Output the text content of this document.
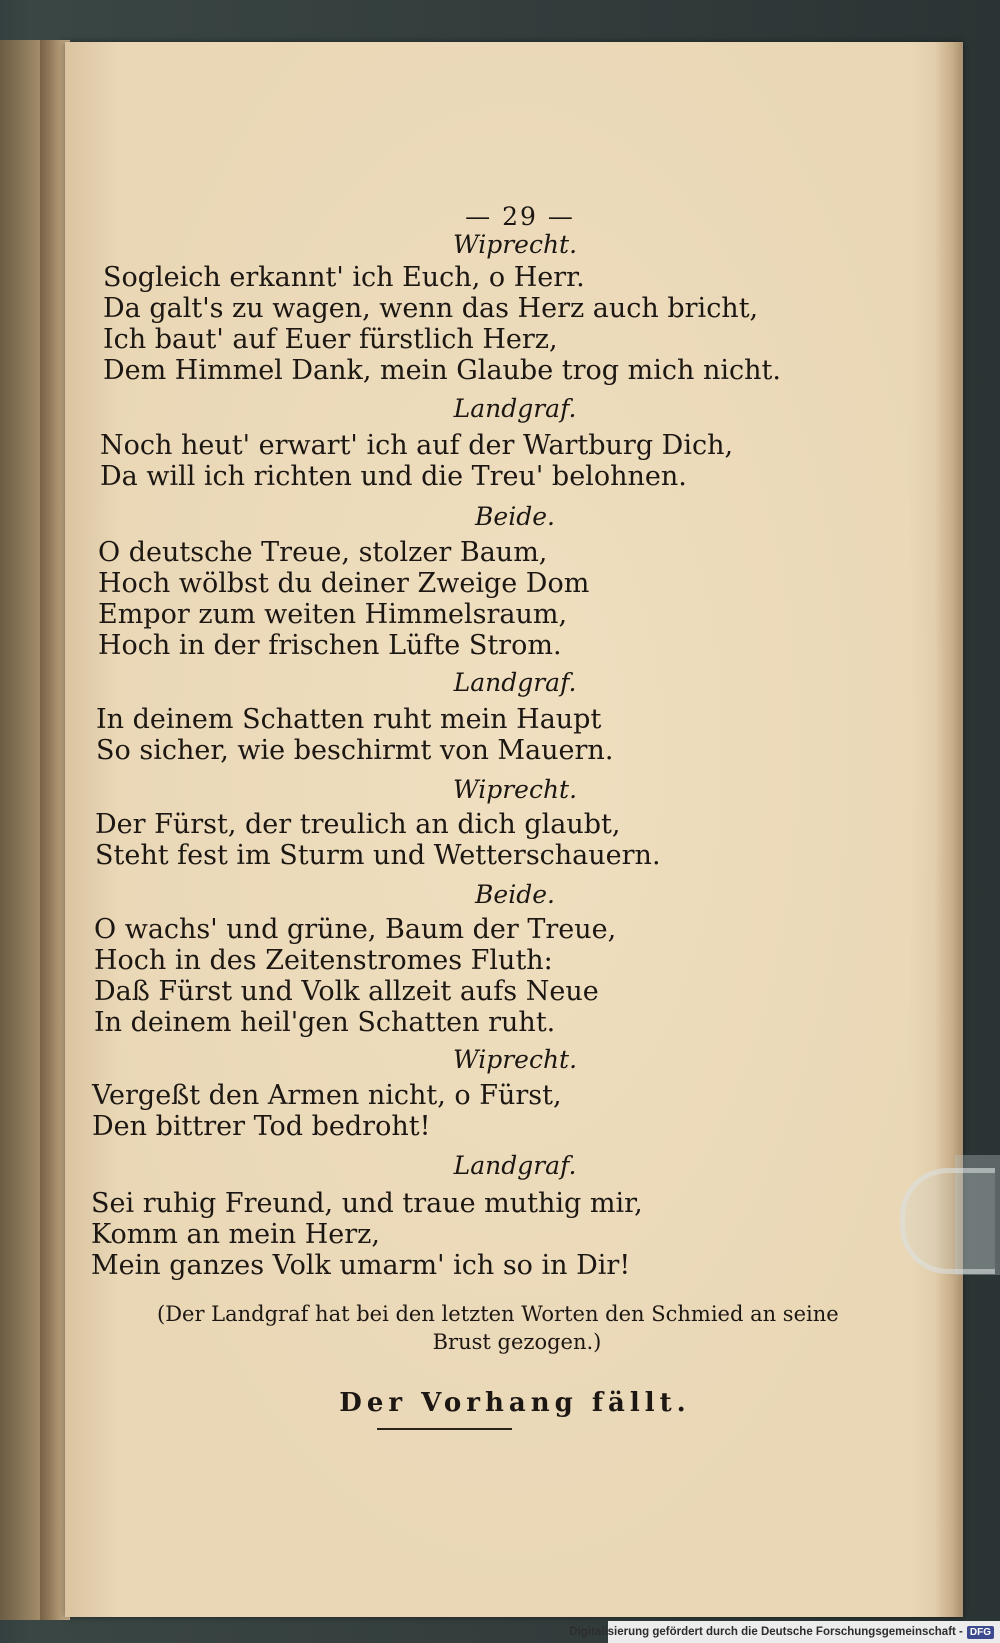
— 29 —

Wiprecht.

Sogleich erkannt' ich Euch, o Herr.

Da galt's zu wagen, wenn das Herz auch bricht,

Ich baut' auf Euer fürstlich Herz,

Dem Himmel Dank, mein Glaube trog mich nicht.

Landgraf.

Noch heut' erwart' ich auf der Wartburg Dich,

Da will ich richten und die Treu' belohnen.

Beide.

O deutsche Treue, stolzer Baum,

Hoch wölbst du deiner Zweige Dom

Empor zum weiten Himmelsraum,

Hoch in der frischen Lüfte Strom.

Landgraf.

In deinem Schatten ruht mein Haupt

So sicher, wie beschirmt von Mauern.

Wiprecht.

Der Fürst, der treulich an dich glaubt,

Steht fest im Sturm und Wetterschauern.

Beide.

O wachs' und grüne, Baum der Treue,

Hoch in des Zeitenstromes Fluth:

Daß Fürst und Volk allzeit aufs Neue

In deinem heil'gen Schatten ruht.

Wiprecht.

Vergeßt den Armen nicht, o Fürst,

Den bittrer Tod bedroht!

Landgraf.

Sei ruhig Freund, und traue muthig mir,

Komm an mein Herz,

Mein ganzes Volk umarm' ich so in Dir!

(Der Landgraf hat bei den letzten Worten den Schmied an seine
Brust gezogen.)

Der Vorhang fällt.

Digitalisierung gefördert durch die Deutsche Forschungsgemeinschaft - DFG
